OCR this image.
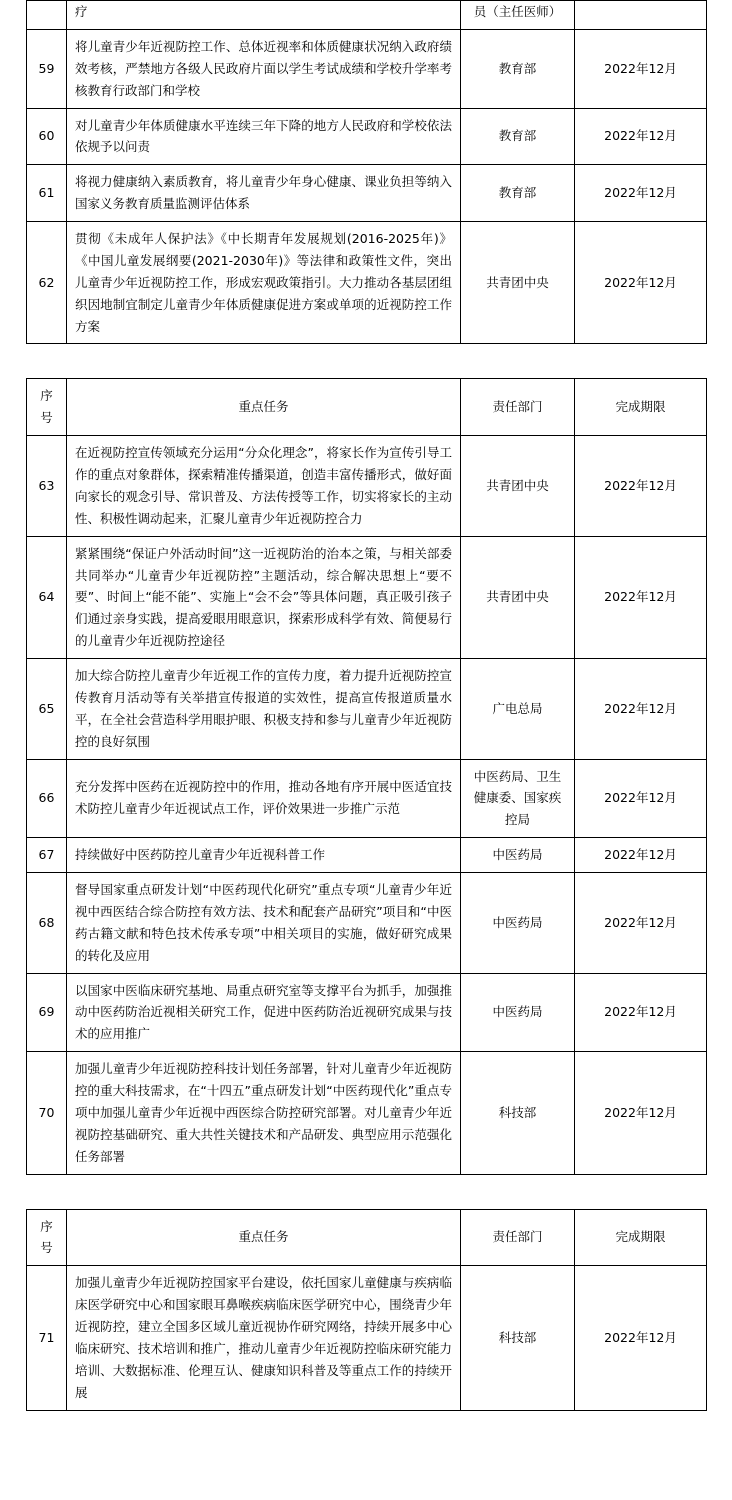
	疗	员（主任医师）	
59	将儿童青少年近视防控工作、总体近视率和体质健康状况纳入政府绩效考核，严禁地方各级人民政府片面以学生考试成绩和学校升学率考核教育行政部门和学校	教育部	2022年12月
60	对儿童青少年体质健康水平连续三年下降的地方人民政府和学校依法依规予以问责	教育部	2022年12月
61	将视力健康纳入素质教育，将儿童青少年身心健康、课业负担等纳入国家义务教育质量监测评估体系	教育部	2022年12月
62	贯彻《未成年人保护法》《中长期青年发展规划(2016-2025年)》《中国儿童发展纲要(2021-2030年)》等法律和政策性文件，突出儿童青少年近视防控工作，形成宏观政策指引。大力推动各基层团组织因地制宜制定儿童青少年体质健康促进方案或单项的近视防控工作方案	共青团中央	2022年12月
序号	重点任务	责任部门	完成期限
63	在近视防控宣传领域充分运用“分众化理念”，将家长作为宣传引导工作的重点对象群体，探索精准传播渠道，创造丰富传播形式，做好面向家长的观念引导、常识普及、方法传授等工作，切实将家长的主动性、积极性调动起来，汇聚儿童青少年近视防控合力	共青团中央	2022年12月
64	紧紧围绕“保证户外活动时间”这一近视防治的治本之策，与相关部委共同举办“儿童青少年近视防控”主题活动，综合解决思想上“要不要”、时间上“能不能”、实施上“会不会”等具体问题，真正吸引孩子们通过亲身实践，提高爱眼用眼意识，探索形成科学有效、简便易行的儿童青少年近视防控途径	共青团中央	2022年12月
65	加大综合防控儿童青少年近视工作的宣传力度，着力提升近视防控宣传教育月活动等有关举措宣传报道的实效性，提高宣传报道质量水平，在全社会营造科学用眼护眼、积极支持和参与儿童青少年近视防控的良好氛围	广电总局	2022年12月
66	充分发挥中医药在近视防控中的作用，推动各地有序开展中医适宜技术防控儿童青少年近视试点工作，评价效果进一步推广示范	中医药局、卫生健康委、国家疾控局	2022年12月
67	持续做好中医药防控儿童青少年近视科普工作	中医药局	2022年12月
68	督导国家重点研发计划“中医药现代化研究”重点专项“儿童青少年近视中西医结合综合防控有效方法、技术和配套产品研究”项目和“中医药古籍文献和特色技术传承专项”中相关项目的实施，做好研究成果的转化及应用	中医药局	2022年12月
69	以国家中医临床研究基地、局重点研究室等支撑平台为抓手，加强推动中医药防治近视相关研究工作，促进中医药防治近视研究成果与技术的应用推广	中医药局	2022年12月
70	加强儿童青少年近视防控科技计划任务部署，针对儿童青少年近视防控的重大科技需求，在“十四五”重点研发计划“中医药现代化”重点专项中加强儿童青少年近视中西医综合防控研究部署。对儿童青少年近视防控基础研究、重大共性关键技术和产品研发、典型应用示范强化任务部署	科技部	2022年12月
序号	重点任务	责任部门	完成期限
71	加强儿童青少年近视防控国家平台建设，依托国家儿童健康与疾病临床医学研究中心和国家眼耳鼻喉疾病临床医学研究中心，围绕青少年近视防控，建立全国多区域儿童近视协作研究网络，持续开展多中心临床研究、技术培训和推广，推动儿童青少年近视防控临床研究能力培训、大数据标准、伦理互认、健康知识科普及等重点工作的持续开展	科技部	2022年12月
